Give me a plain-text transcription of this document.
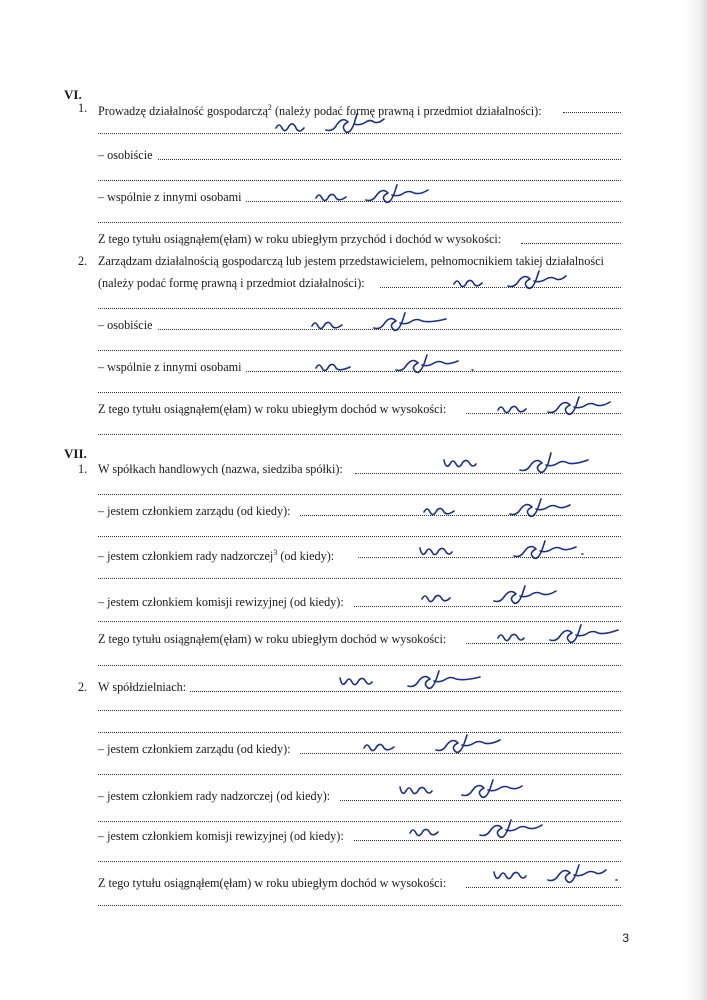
VI.
1. Prowadzę działalność gospodarczą$^2$ (należy podać formę prawną i przedmiot działalności):
– osobiście
– wspólnie z innymi osobami
Z tego tytułu osiągnąłem(ęłam) w roku ubiegłym przychód i dochód w wysokości:
2. Zarządzam działalnością gospodarczą lub jestem przedstawicielem, pełnomocnikiem takiej działalności
(należy podać formę prawną i przedmiot działalności):
– osobiście
– wspólnie z innymi osobami
Z tego tytułu osiągnąłem(ęłam) w roku ubiegłym dochód w wysokości:
VII.
1. W spółkach handlowych (nazwa, siedziba spółki):
– jestem członkiem zarządu (od kiedy):
– jestem członkiem rady nadzorczej$^3$ (od kiedy):
– jestem członkiem komisji rewizyjnej (od kiedy):
Z tego tytułu osiągnąłem(ęłam) w roku ubiegłym dochód w wysokości:
2. W spółdzielniach:
– jestem członkiem zarządu (od kiedy):
– jestem członkiem rady nadzorczej (od kiedy):
– jestem członkiem komisji rewizyjnej (od kiedy):
Z tego tytułu osiągnąłem(ęłam) w roku ubiegłym dochód w wysokości:
3
